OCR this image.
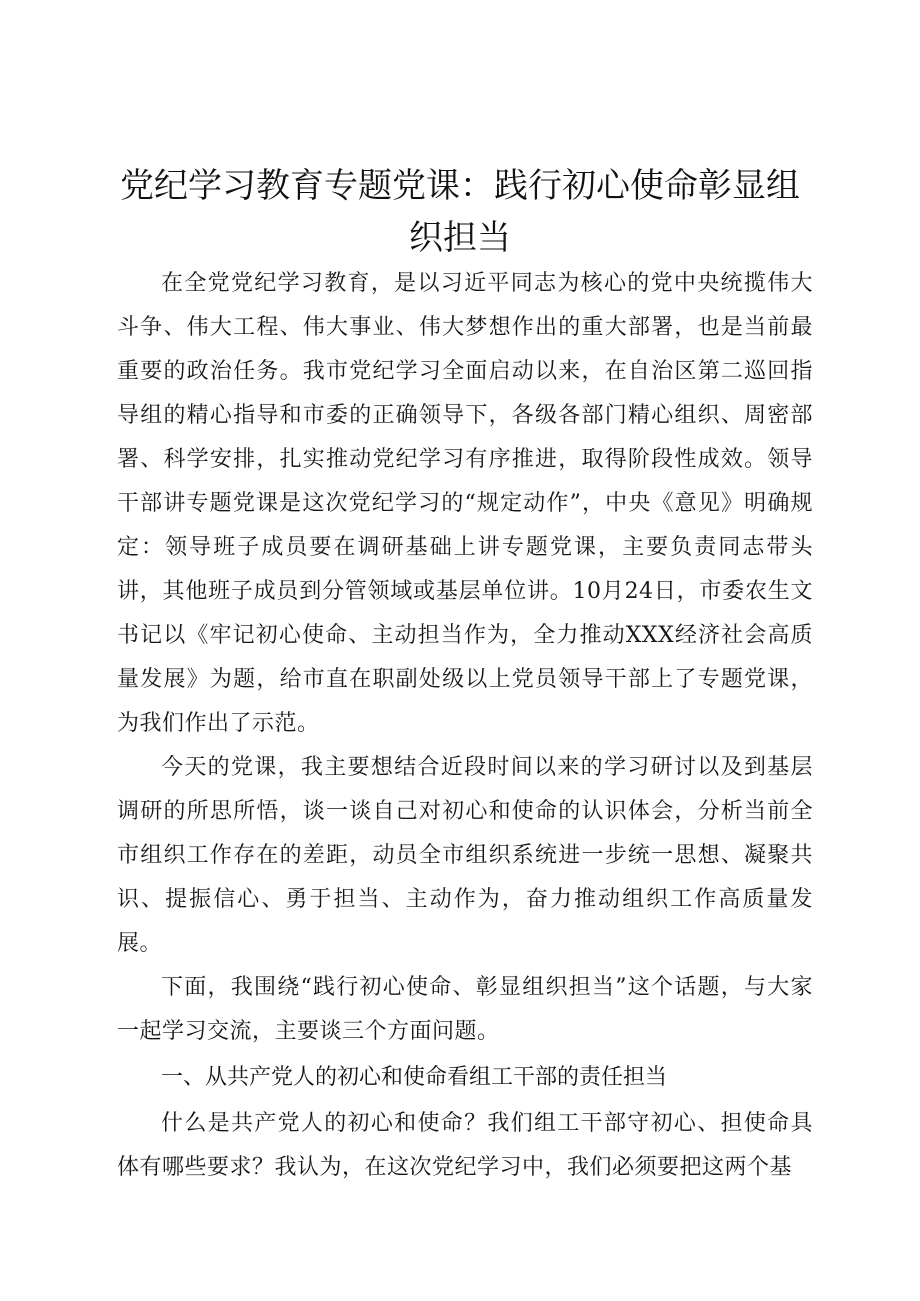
党纪学习教育专题党课：践行初心使命彰显组织担当

在全党党纪学习教育，是以习近平同志为核心的党中央统揽伟大斗争、伟大工程、伟大事业、伟大梦想作出的重大部署，也是当前最重要的政治任务。我市党纪学习全面启动以来，在自治区第二巡回指导组的精心指导和市委的正确领导下，各级各部门精心组织、周密部署、科学安排，扎实推动党纪学习有序推进，取得阶段性成效。领导干部讲专题党课是这次党纪学习的“规定动作”，中央《意见》明确规定：领导班子成员要在调研基础上讲专题党课，主要负责同志带头讲，其他班子成员到分管领域或基层单位讲。10月24日，市委农生文书记以《牢记初心使命、主动担当作为，全力推动XXX经济社会高质量发展》为题，给市直在职副处级以上党员领导干部上了专题党课，为我们作出了示范。

今天的党课，我主要想结合近段时间以来的学习研讨以及到基层调研的所思所悟，谈一谈自己对初心和使命的认识体会，分析当前全市组织工作存在的差距，动员全市组织系统进一步统一思想、凝聚共识、提振信心、勇于担当、主动作为，奋力推动组织工作高质量发展。

下面，我围绕“践行初心使命、彰显组织担当”这个话题，与大家一起学习交流，主要谈三个方面问题。

一、从共产党人的初心和使命看组工干部的责任担当

什么是共产党人的初心和使命？我们组工干部守初心、担使命具体有哪些要求？我认为，在这次党纪学习中，我们必须要把这两个基
